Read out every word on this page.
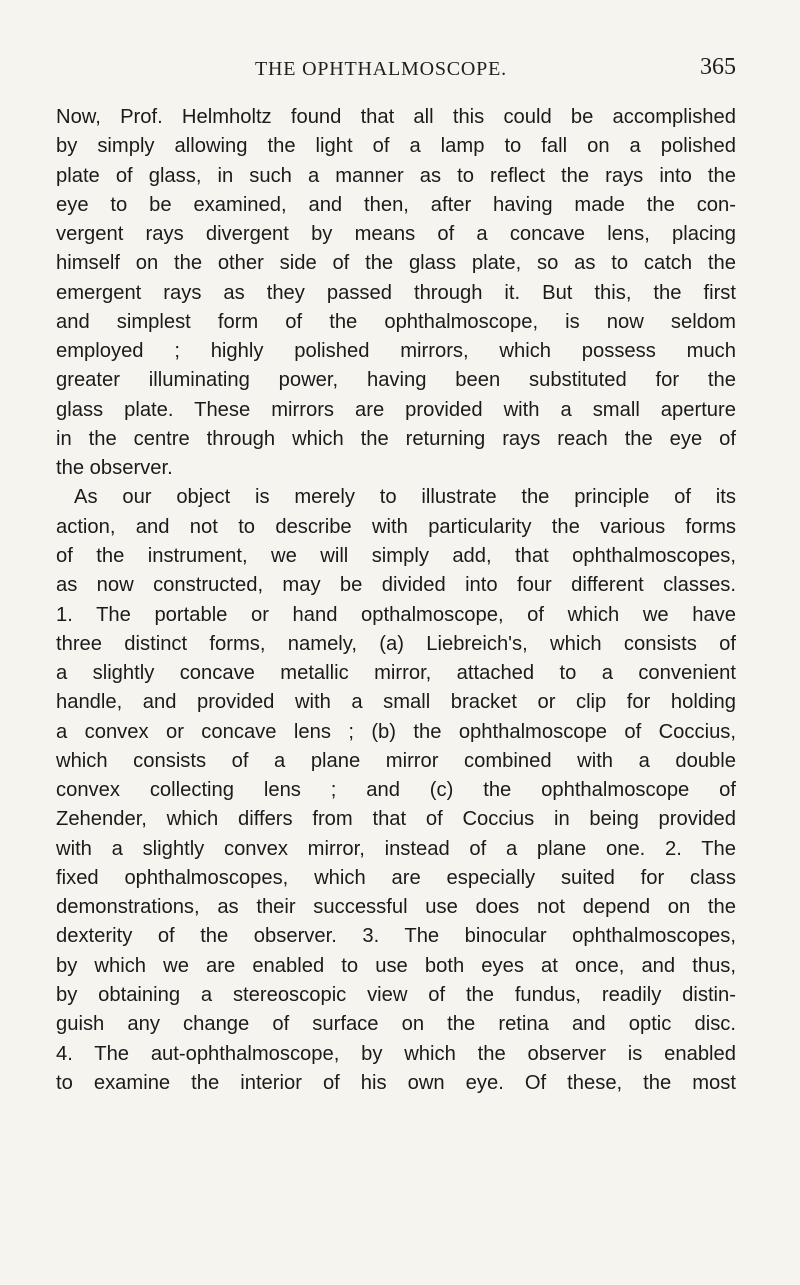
THE OPHTHALMOSCOPE.	365
Now, Prof. Helmholtz found that all this could be accomplished
by simply allowing the light of a lamp to fall on a polished
plate of glass, in such a manner as to reflect the rays into the
eye to be examined, and then, after having made the con-
vergent rays divergent by means of a concave lens, placing
himself on the other side of the glass plate, so as to catch the
emergent rays as they passed through it. But this, the first
and simplest form of the ophthalmoscope, is now seldom
employed ; highly polished mirrors, which possess much
greater illuminating power, having been substituted for the
glass plate. These mirrors are provided with a small aperture
in the centre through which the returning rays reach the eye of
the observer.
As our object is merely to illustrate the principle of its
action, and not to describe with particularity the various forms
of the instrument, we will simply add, that ophthalmoscopes,
as now constructed, may be divided into four different classes.
1. The portable or hand opthalmoscope, of which we have
three distinct forms, namely, (a) Liebreich's, which consists of
a slightly concave metallic mirror, attached to a convenient
handle, and provided with a small bracket or clip for holding
a convex or concave lens ; (b) the ophthalmoscope of Coccius,
which consists of a plane mirror combined with a double
convex collecting lens ; and (c) the ophthalmoscope of
Zehender, which differs from that of Coccius in being provided
with a slightly convex mirror, instead of a plane one. 2. The
fixed ophthalmoscopes, which are especially suited for class
demonstrations, as their successful use does not depend on the
dexterity of the observer. 3. The binocular ophthalmoscopes,
by which we are enabled to use both eyes at once, and thus,
by obtaining a stereoscopic view of the fundus, readily distin-
guish any change of surface on the retina and optic disc.
4. The aut-ophthalmoscope, by which the observer is enabled
to examine the interior of his own eye. Of these, the most
